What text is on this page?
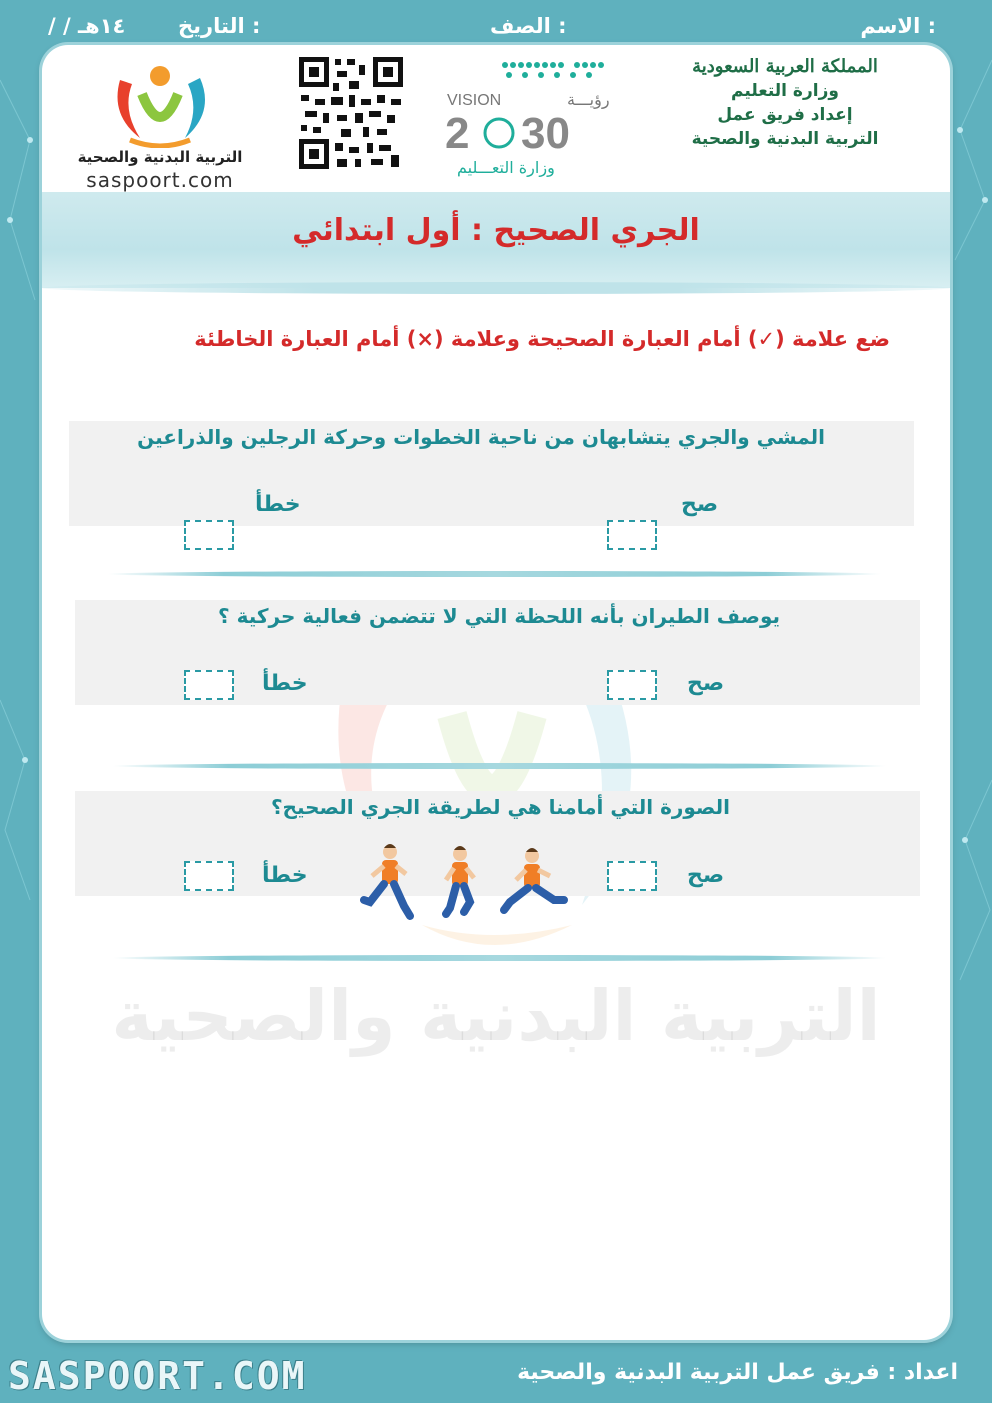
الاسم :
الصف :
التاريخ :
/ / ١٤هـ
المملكة العربية السعودية
وزارة التعليم
إعداد فريق عمل
التربية البدنية والصحية
VISION	رؤيـــة
2 30
وزارة التعـــليم
التربية البدنية والصحية
saspoort.com
الجري الصحيح : أول ابتدائي
ضع علامة (✓) أمام العبارة الصحيحة وعلامة (×) أمام العبارة الخاطئة
المشي والجري يتشابهان من ناحية الخطوات وحركة الرجلين والذراعين
صح
خطأ
يوصف الطيران بأنه اللحظة التي لا تتضمن فعالية حركية ؟
صح
خطأ
الصورة التي أمامنا هي لطريقة الجري الصحيح؟
صح
خطأ
التربية البدنية والصحية
SASPOORT.COM	اعداد : فريق عمل التربية البدنية والصحية
